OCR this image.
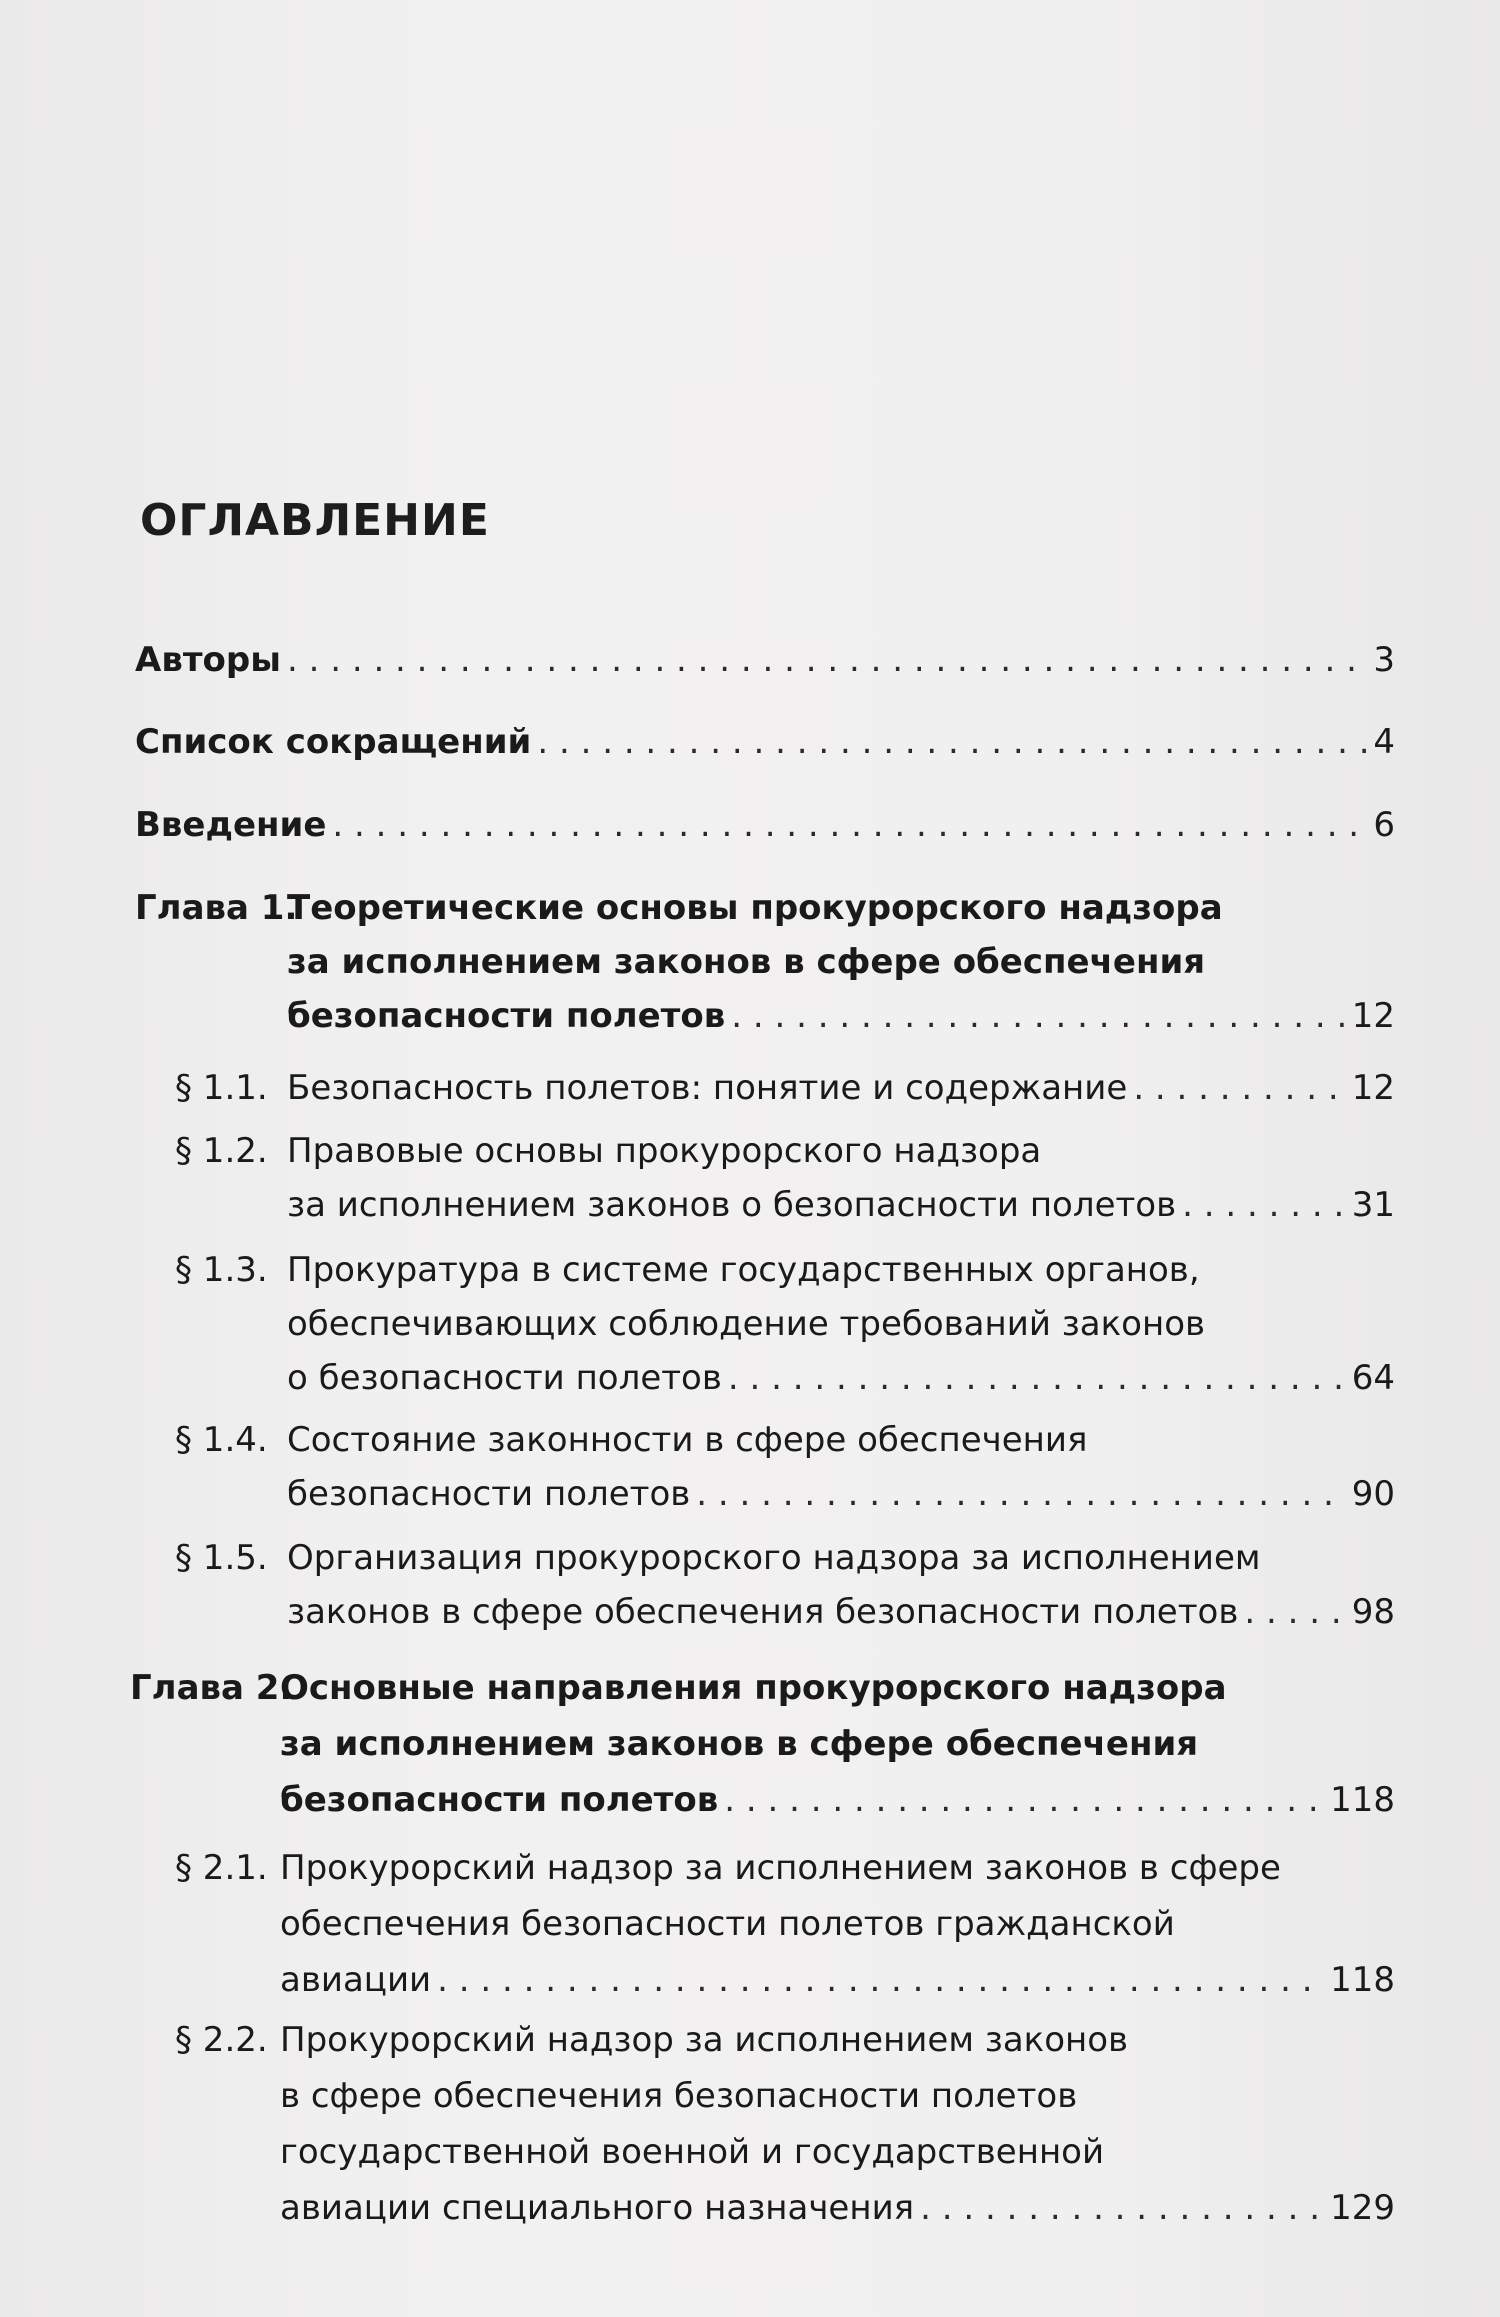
ОГЛАВЛЕНИЕ
Авторы . . .	3
Список сокращений . . .	4
Введение . . .	6
Глава 1.
Теоретические основы прокурорского надзора
за исполнением законов в сфере обеспечения
безопасности полетов . . .	12
§ 1.1. Безопасность полетов: понятие и содержание . . .	12
§ 1.2. Правовые основы прокурорского надзора
за исполнением законов о безопасности полетов . . .	31
§ 1.3. Прокуратура в системе государственных органов,
обеспечивающих соблюдение требований законов
о безопасности полетов . . .	64
§ 1.4. Состояние законности в сфере обеспечения
безопасности полетов . . .	90
§ 1.5. Организация прокурорского надзора за исполнением
законов в сфере обеспечения безопасности полетов . . .	98
Глава 2.
Основные направления прокурорского надзора
за исполнением законов в сфере обеспечения
безопасности полетов . . .	118
§ 2.1. Прокурорский надзор за исполнением законов в сфере
обеспечения безопасности полетов гражданской
авиации . . .	118
§ 2.2. Прокурорский надзор за исполнением законов
в сфере обеспечения безопасности полетов
государственной военной и государственной
авиации специального назначения . . .	129
